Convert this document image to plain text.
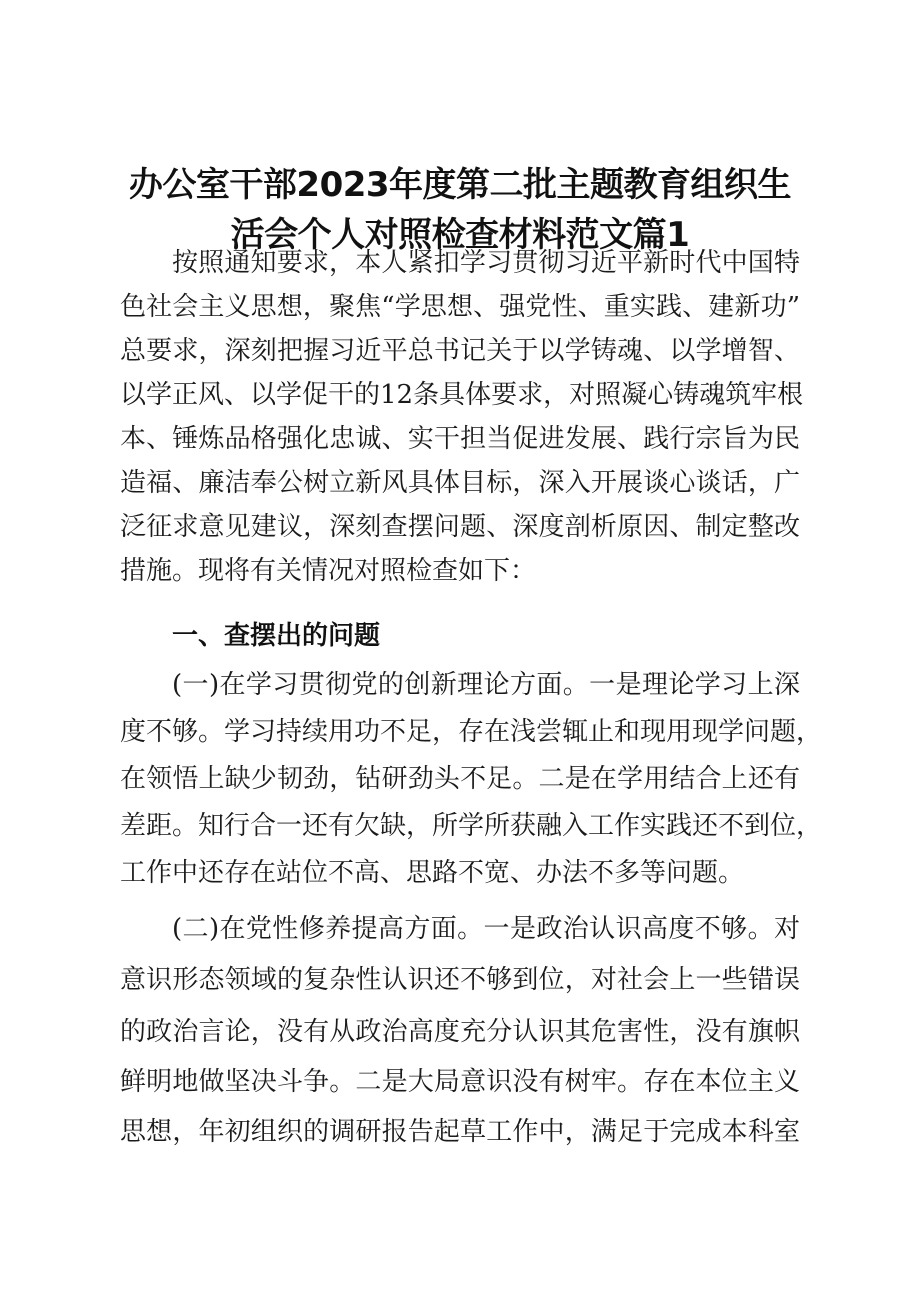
办公室干部2023年度第二批主题教育组织生
活会个人对照检查材料范文篇1
按照通知要求，本人紧扣学习贯彻习近平新时代中国特
色社会主义思想，聚焦“学思想、强党性、重实践、建新功”
总要求，深刻把握习近平总书记关于以学铸魂、以学增智、
以学正风、以学促干的12条具体要求，对照凝心铸魂筑牢根
本、锤炼品格强化忠诚、实干担当促进发展、践行宗旨为民
造福、廉洁奉公树立新风具体目标，深入开展谈心谈话，广
泛征求意见建议，深刻查摆问题、深度剖析原因、制定整改
措施。现将有关情况对照检查如下：
一、查摆出的问题
(一)在学习贯彻党的创新理论方面。一是理论学习上深
度不够。学习持续用功不足，存在浅尝辄止和现用现学问题，
在领悟上缺少韧劲，钻研劲头不足。二是在学用结合上还有
差距。知行合一还有欠缺，所学所获融入工作实践还不到位，
工作中还存在站位不高、思路不宽、办法不多等问题。
(二)在党性修养提高方面。一是政治认识高度不够。对
意识形态领域的复杂性认识还不够到位，对社会上一些错误
的政治言论，没有从政治高度充分认识其危害性，没有旗帜
鲜明地做坚决斗争。二是大局意识没有树牢。存在本位主义
思想，年初组织的调研报告起草工作中，满足于完成本科室
